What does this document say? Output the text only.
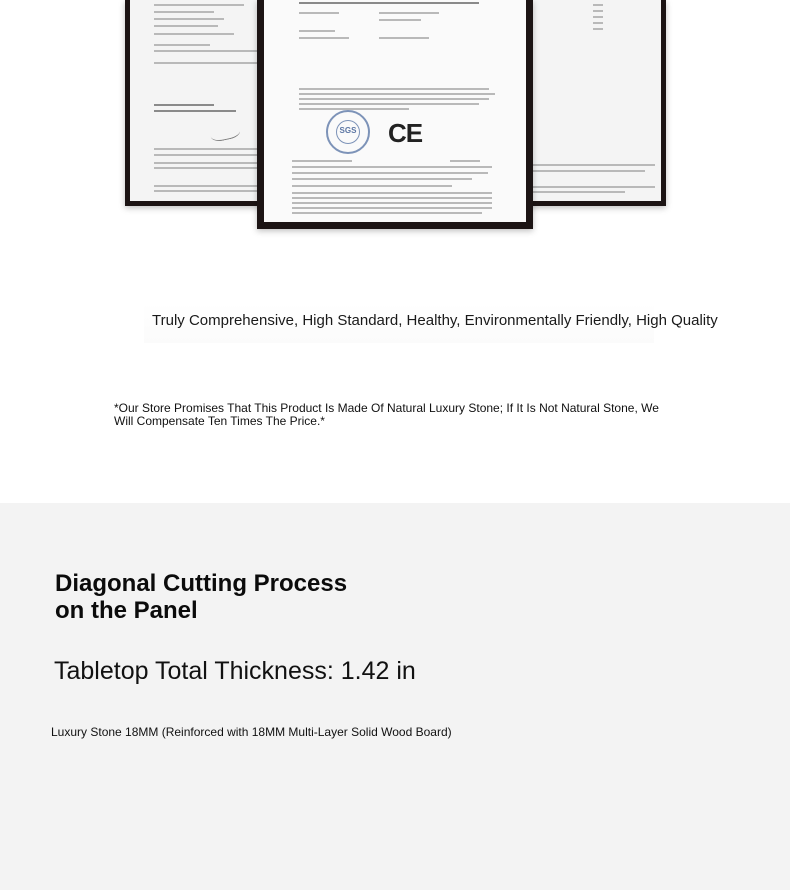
SGS	CE
Truly Comprehensive, High Standard, Healthy, Environmentally Friendly, High Quality
*Our Store Promises That This Product Is Made Of Natural Luxury Stone; If It Is Not Natural Stone, We Will Compensate Ten Times The Price.*
Diagonal Cutting Process on the Panel
Tabletop Total Thickness: 1.42 in
Luxury Stone 18MM (Reinforced with 18MM Multi-Layer Solid Wood Board)
